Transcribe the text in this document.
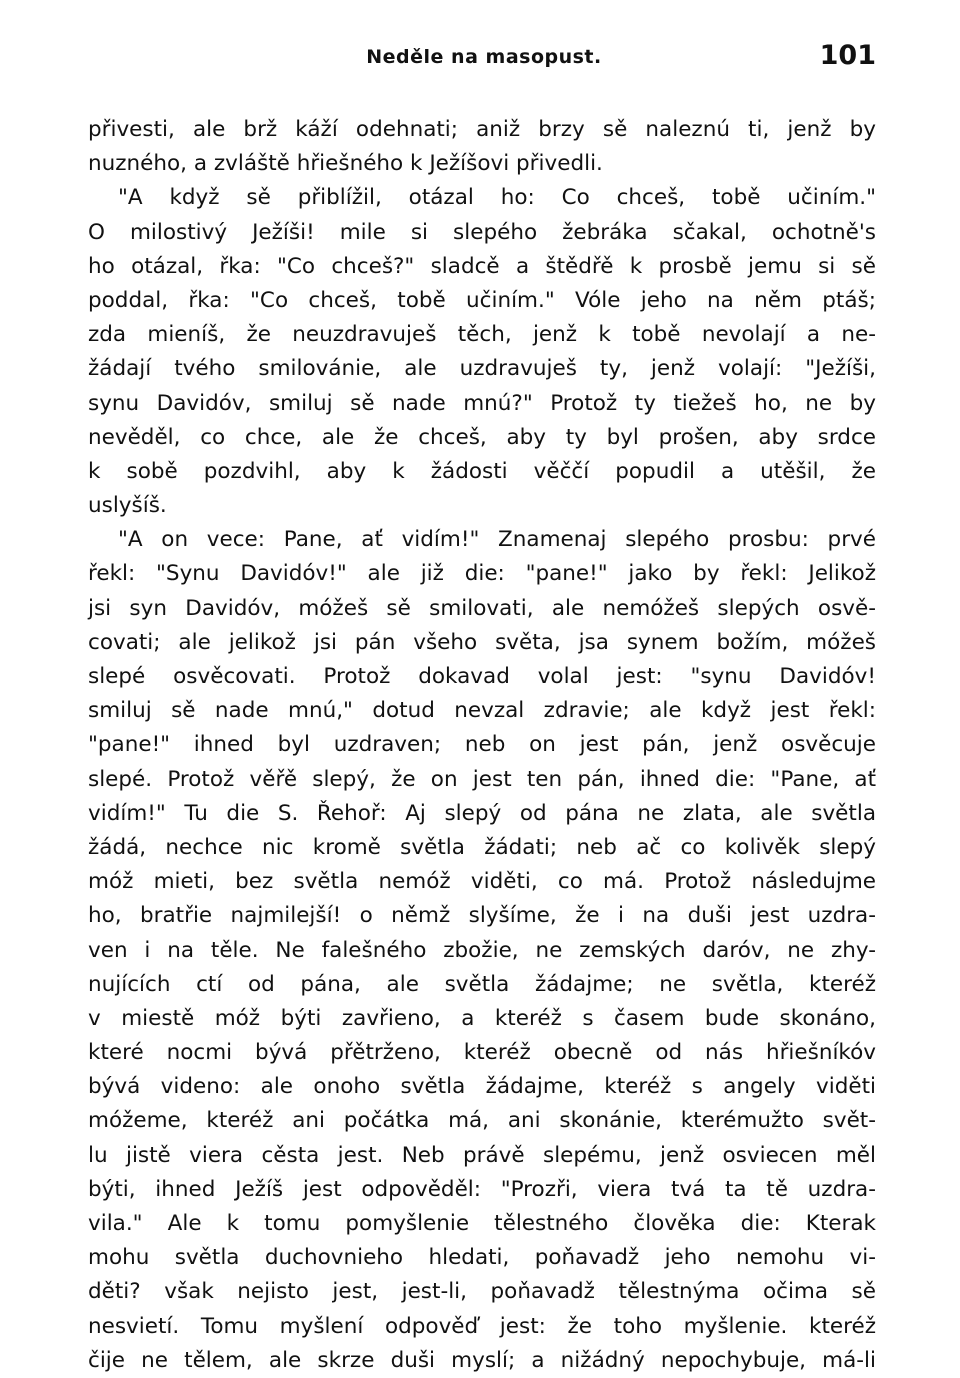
Neděle na masopust.	101
přivesti, ale brž káží odehnati; aniž brzy sě naleznú ti, jenž by
nuzného, a zvláště hřiešného k Ježíšovi přivedli.
"A když sě přiblížil, otázal ho: Co chceš, tobě učiním."
O milostivý Ježíši! mile si slepého žebráka sčakal, ochotně's
ho otázal, řka: "Co chceš?" sladcě a štědřě k prosbě jemu si sě
poddal, řka: "Co chceš, tobě učiním." Vóle jeho na něm ptáš;
zda mieníš, že neuzdravuješ těch, jenž k tobě nevolají a ne-
žádají tvého smilovánie, ale uzdravuješ ty, jenž volají: "Ježíši,
synu Davidóv, smiluj sě nade mnú?" Protož ty tiežeš ho, ne by
nevěděl, co chce, ale že chceš, aby ty byl prošen, aby srdce
k sobě pozdvihl, aby k žádosti věččí popudil a utěšil, že
uslyšíš.
"A on vece: Pane, ať vidím!" Znamenaj slepého prosbu: prvé
řekl: "Synu Davidóv!" ale již die: "pane!" jako by řekl: Jelikož
jsi syn Davidóv, móžeš sě smilovati, ale nemóžeš slepých osvě-
covati; ale jelikož jsi pán všeho světa, jsa synem božím, móžeš
slepé osvěcovati. Protož dokavad volal jest: "synu Davidóv!
smiluj sě nade mnú," dotud nevzal zdravie; ale když jest řekl:
"pane!" ihned byl uzdraven; neb on jest pán, jenž osvěcuje
slepé. Protož věřě slepý, že on jest ten pán, ihned die: "Pane, ať
vidím!" Tu die S. Řehoř: Aj slepý od pána ne zlata, ale světla
žádá, nechce nic kromě světla žádati; neb ač co kolivěk slepý
móž mieti, bez světla nemóž viděti, co má. Protož následujme
ho, bratřie najmilejší! o němž slyšíme, že i na duši jest uzdra-
ven i na těle. Ne falešného zbožie, ne zemských daróv, ne zhy-
nujících ctí od pána, ale světla žádajme; ne světla, kteréž
v miestě móž býti zavřieno, a kteréž s časem bude skonáno,
které nocmi bývá přětrženo, kteréž obecně od nás hřiešníkóv
bývá videno: ale onoho světla žádajme, kteréž s angely viděti
móžeme, kteréž ani počátka má, ani skonánie, kterémužto svět-
lu jistě viera cěsta jest. Neb právě slepému, jenž osviecen měl
býti, ihned Ježíš jest odpověděl: "Prozři, viera tvá ta tě uzdra-
vila." Ale k tomu pomyšlenie tělestného člověka die: Kterak
mohu světla duchovnieho hledati, poňavadž jeho nemohu vi-
děti? však nejisto jest, jest-li, poňavadž tělestnýma očima sě
nesvietí. Tomu myšlení odpověď jest: že toho myšlenie. kteréž
čije ne tělem, ale skrze duši myslí; a nižádný nepochybuje, má-li
